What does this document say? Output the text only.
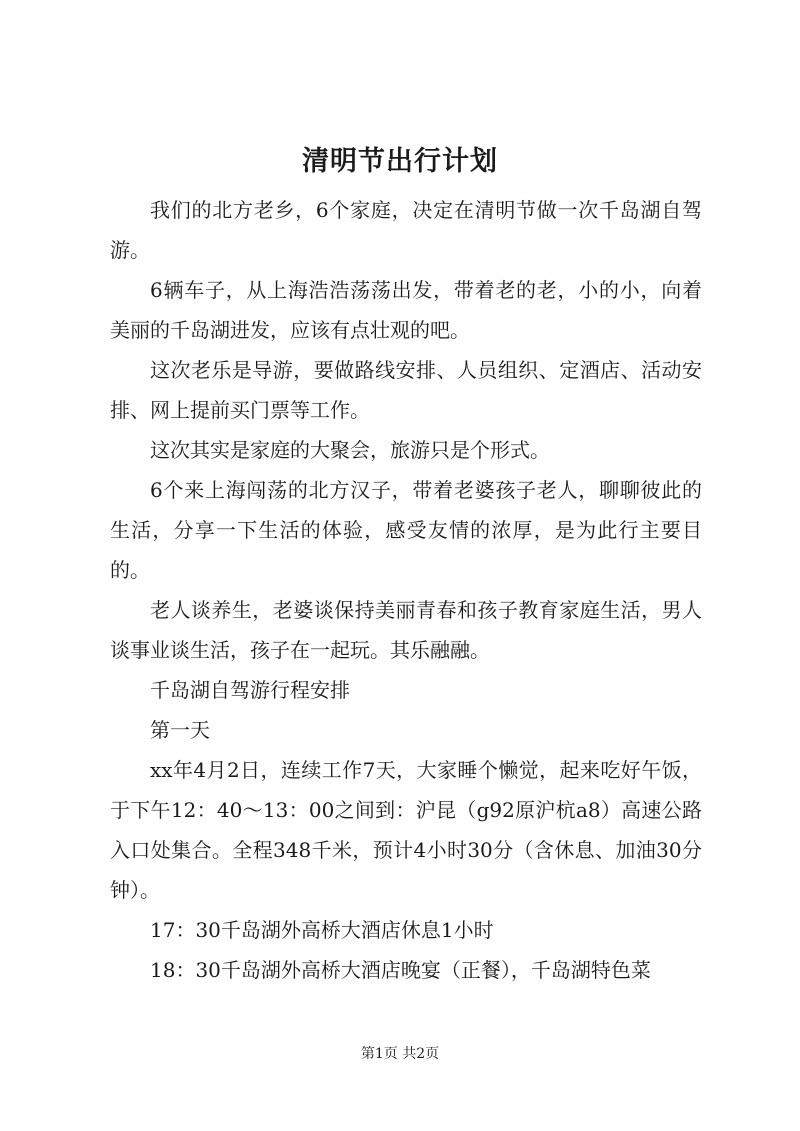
清明节出行计划

我们的北方老乡，6个家庭，决定在清明节做一次千岛湖自驾游。

6辆车子，从上海浩浩荡荡出发，带着老的老，小的小，向着美丽的千岛湖进发，应该有点壮观的吧。

这次老乐是导游，要做路线安排、人员组织、定酒店、活动安排、网上提前买门票等工作。

这次其实是家庭的大聚会，旅游只是个形式。

6个来上海闯荡的北方汉子，带着老婆孩子老人，聊聊彼此的生活，分享一下生活的体验，感受友情的浓厚，是为此行主要目的。

老人谈养生，老婆谈保持美丽青春和孩子教育家庭生活，男人谈事业谈生活，孩子在一起玩。其乐融融。

千岛湖自驾游行程安排

第一天

xx年4月2日，连续工作7天，大家睡个懒觉，起来吃好午饭，于下午12：40～13：00之间到：沪昆（g92原沪杭a8）高速公路入口处集合。全程348千米，预计4小时30分（含休息、加油30分钟）。

17：30千岛湖外高桥大酒店休息1小时

18：30千岛湖外高桥大酒店晚宴（正餐），千岛湖特色菜

第1页 共2页
